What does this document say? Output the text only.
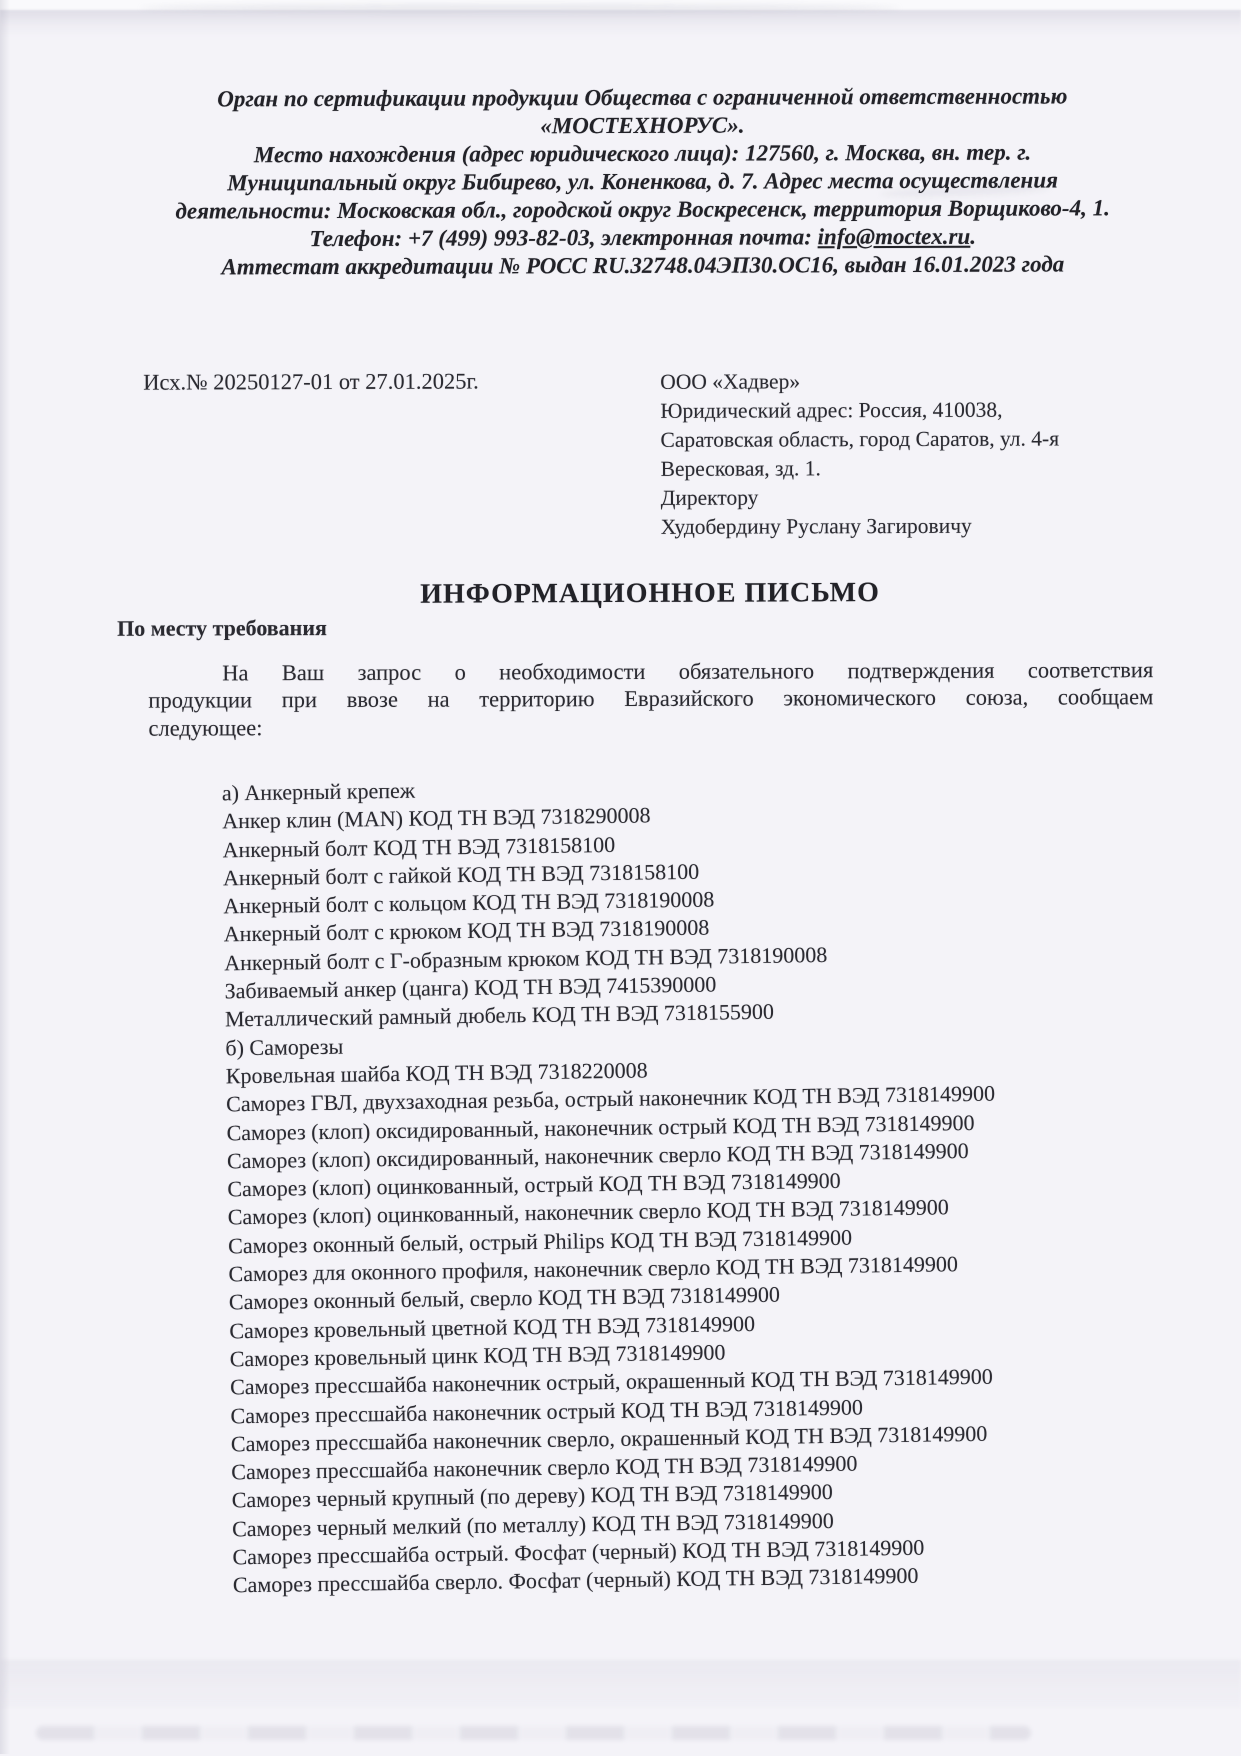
Орган по сертификации продукции Общества с ограниченной ответственностью
«МОСТЕХНОРУС».
Место нахождения (адрес юридического лица): 127560, г. Москва, вн. тер. г.
Муниципальный округ Бибирево, ул. Коненкова, д. 7. Адрес места осуществления
деятельности: Московская обл., городской округ Воскресенск, территория Ворщиково-4, 1.
Телефон: +7 (499) 993-82-03, электронная почта: info@moctex.ru.
Аттестат аккредитации № РОСС RU.32748.04ЭП30.ОС16, выдан 16.01.2023 года
Исх.№ 20250127-01 от 27.01.2025г.	ООО «Хадвер»
Юридический адрес: Россия, 410038,
Саратовская область, город Саратов, ул. 4-я
Вересковая, зд. 1.
Директору
Худобердину Руслану Загировичу
ИНФОРМАЦИОННОЕ ПИСЬМО
По месту требования
На Ваш запрос о необходимости обязательного подтверждения соответствия
продукции при ввозе на территорию Евразийского экономического союза, сообщаем
следующее:
а) Анкерный крепеж
Анкер клин (MAN) КОД ТН ВЭД 7318290008
Анкерный болт КОД ТН ВЭД 7318158100
Анкерный болт с гайкой КОД ТН ВЭД 7318158100
Анкерный болт с кольцом КОД ТН ВЭД 7318190008
Анкерный болт с крюком КОД ТН ВЭД 7318190008
Анкерный болт с Г-образным крюком КОД ТН ВЭД 7318190008
Забиваемый анкер (цанга) КОД ТН ВЭД 7415390000
Металлический рамный дюбель КОД ТН ВЭД 7318155900
б) Саморезы
Кровельная шайба КОД ТН ВЭД 7318220008
Саморез ГВЛ, двухзаходная резьба, острый наконечник КОД ТН ВЭД 7318149900
Саморез (клоп) оксидированный, наконечник острый КОД ТН ВЭД 7318149900
Саморез (клоп) оксидированный, наконечник сверло КОД ТН ВЭД 7318149900
Саморез (клоп) оцинкованный, острый КОД ТН ВЭД 7318149900
Саморез (клоп) оцинкованный, наконечник сверло КОД ТН ВЭД 7318149900
Саморез оконный белый, острый Philips КОД ТН ВЭД 7318149900
Саморез для оконного профиля, наконечник сверло КОД ТН ВЭД 7318149900
Саморез оконный белый, сверло КОД ТН ВЭД 7318149900
Саморез кровельный цветной КОД ТН ВЭД 7318149900
Саморез кровельный цинк КОД ТН ВЭД 7318149900
Саморез прессшайба наконечник острый, окрашенный КОД ТН ВЭД 7318149900
Саморез прессшайба наконечник острый КОД ТН ВЭД 7318149900
Саморез прессшайба наконечник сверло, окрашенный КОД ТН ВЭД 7318149900
Саморез прессшайба наконечник сверло КОД ТН ВЭД 7318149900
Саморез черный крупный (по дереву) КОД ТН ВЭД 7318149900
Саморез черный мелкий (по металлу) КОД ТН ВЭД 7318149900
Саморез прессшайба острый. Фосфат (черный) КОД ТН ВЭД 7318149900
Саморез прессшайба сверло. Фосфат (черный) КОД ТН ВЭД 7318149900
